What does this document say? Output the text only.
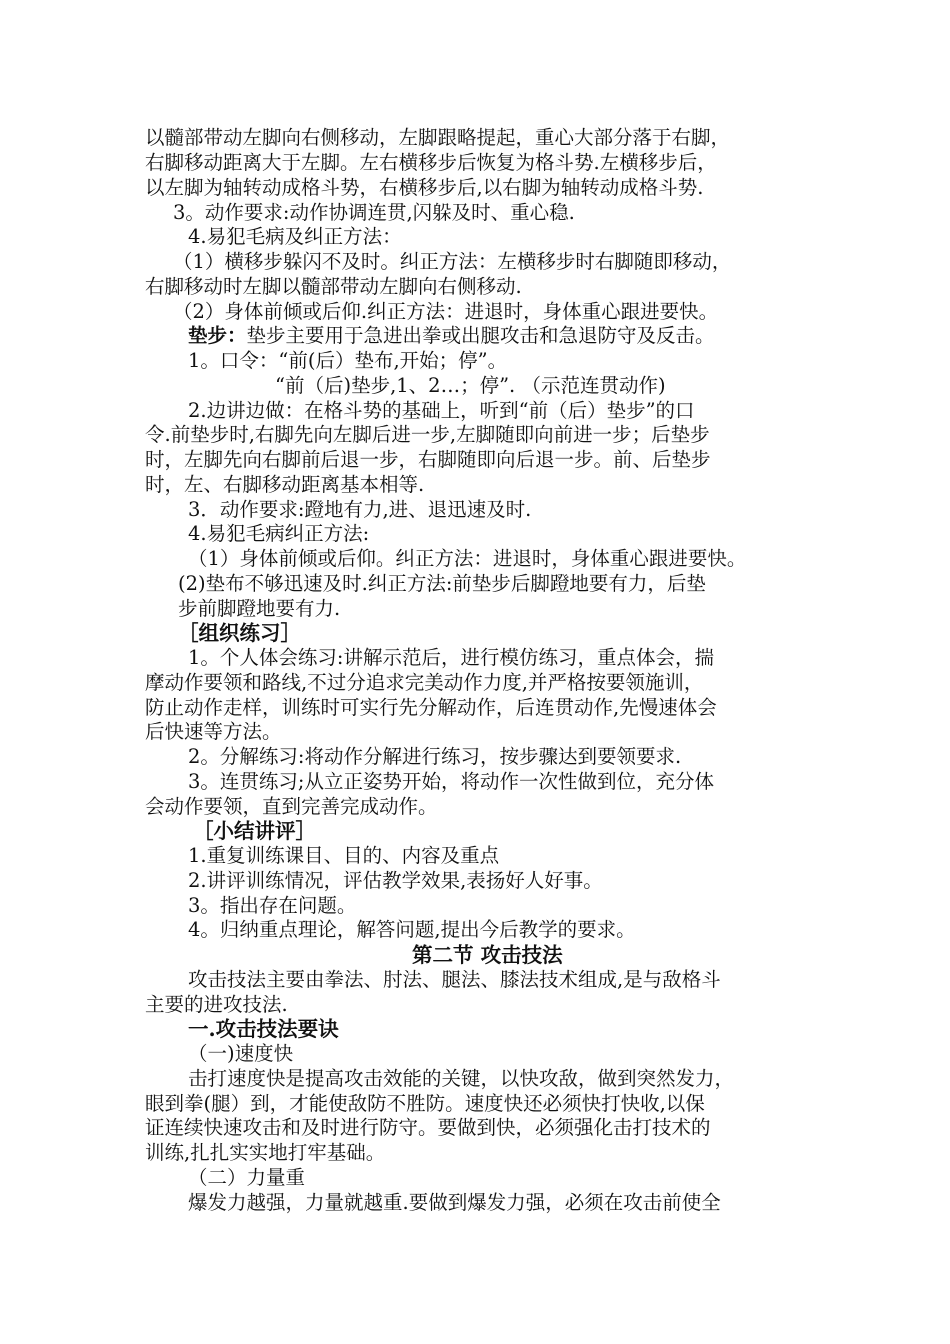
以髓部带动左脚向右侧移动，左脚跟略提起，重心大部分落于右脚，
右脚移动距离大于左脚。左右横移步后恢复为格斗势.左横移步后，
以左脚为轴转动成格斗势，右横移步后,以右脚为轴转动成格斗势.
3。动作要求:动作协调连贯,闪躲及时、重心稳.
4.易犯毛病及纠正方法：
（1）横移步躲闪不及时。纠正方法：左横移步时右脚随即移动，
右脚移动时左脚以髓部带动左脚向右侧移动.
（2）身体前倾或后仰.纠正方法：进退时，身体重心跟进要快。
垫步：垫步主要用于急进出拳或出腿攻击和急退防守及反击。
1。口令：“前(后）垫布,开始；停”。
“前（后)垫步,1、2…；停”. （示范连贯动作)
2.边讲边做：在格斗势的基础上，听到“前（后）垫步”的口
令.前垫步时,右脚先向左脚后进一步,左脚随即向前进一步；后垫步
时，左脚先向右脚前后退一步，右脚随即向后退一步。前、后垫步
时，左、右脚移动距离基本相等.
3．动作要求:蹬地有力,进、退迅速及时.
4.易犯毛病纠正方法:
（1）身体前倾或后仰。纠正方法：进退时，身体重心跟进要快。
(2)垫布不够迅速及时.纠正方法:前垫步后脚蹬地要有力，后垫
步前脚蹬地要有力.
［组织练习］
1。个人体会练习:讲解示范后，进行模仿练习，重点体会，揣
摩动作要领和路线,不过分追求完美动作力度,并严格按要领施训，
防止动作走样，训练时可实行先分解动作，后连贯动作,先慢速体会
后快速等方法。
2。分解练习:将动作分解进行练习，按步骤达到要领要求.
3。连贯练习;从立正姿势开始，将动作一次性做到位，充分体
会动作要领，直到完善完成动作。
［小结讲评］
1.重复训练课目、目的、内容及重点
2.讲评训练情况，评估教学效果,表扬好人好事。
3。指出存在问题。
4。归纳重点理论，解答问题,提出今后教学的要求。
第二节 攻击技法
攻击技法主要由拳法、肘法、腿法、膝法技术组成,是与敌格斗
主要的进攻技法.
一.攻击技法要诀
（一)速度快
击打速度快是提高攻击效能的关键，以快攻敌，做到突然发力，
眼到拳(腿）到，才能使敌防不胜防。速度快还必须快打快收,以保
证连续快速攻击和及时进行防守。要做到快，必须强化击打技术的
训练,扎扎实实地打牢基础。
（二）力量重
爆发力越强，力量就越重.要做到爆发力强，必须在攻击前使全
